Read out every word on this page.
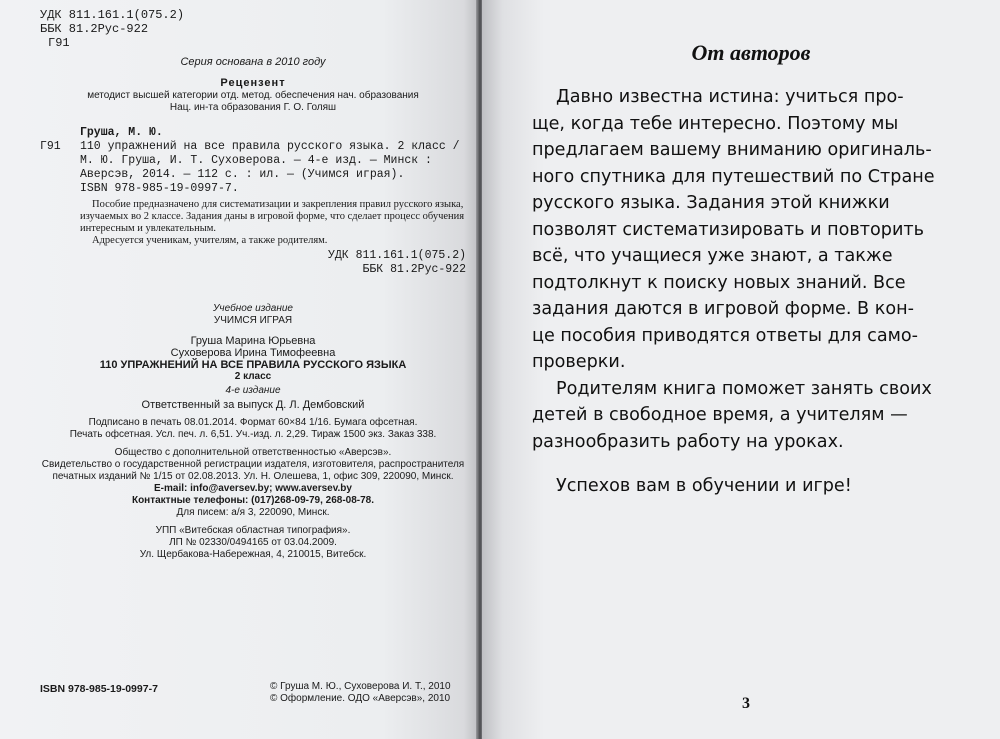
УДК 811.161.1(075.2)
ББК 81.2Рус-922
Г91
Серия основана в 2010 году
Рецензент
методист высшей категории отд. метод. обеспечения нач. образования
Нац. ин-та образования Г. О. Голяш
Груша, М. Ю.
Г91 110 упражнений на все правила русского языка. 2 класс /
М. Ю. Груша, И. Т. Суховерова. — 4-е изд. — Минск :
Аверсэв, 2014. — 112 с. : ил. — (Учимся играя).
ISBN 978-985-19-0997-7.
Пособие предназначено для систематизации и закрепления правил русского языка, изучаемых во 2 классе. Задания даны в игровой форме, что сделает процесс обучения интересным и увлекательным.
Адресуется ученикам, учителям, а также родителям.
УДК 811.161.1(075.2)
ББК 81.2Рус-922
Учебное издание
УЧИМСЯ ИГРАЯ
Груша Марина Юрьевна
Суховерова Ирина Тимофеевна
110 УПРАЖНЕНИЙ НА ВСЕ ПРАВИЛА РУССКОГО ЯЗЫКА
2 класс
4-е издание
Ответственный за выпуск Д. Л. Дембовский
Подписано в печать 08.01.2014. Формат 60×84 1/16. Бумага офсетная.
Печать офсетная. Усл. печ. л. 6,51. Уч.-изд. л. 2,29. Тираж 1500 экз. Заказ 338.
Общество с дополнительной ответственностью «Аверсэв».
Свидетельство о государственной регистрации издателя, изготовителя, распространителя
печатных изданий № 1/15 от 02.08.2013. Ул. Н. Олешева, 1, офис 309, 220090, Минск.
E-mail: info@aversev.by; www.aversev.by
Контактные телефоны: (017)268-09-79, 268-08-78.
Для писем: а/я 3, 220090, Минск.
УПП «Витебская областная типография».
ЛП № 02330/0494165 от 03.04.2009.
Ул. Щербакова-Набережная, 4, 210015, Витебск.
ISBN 978-985-19-0997-7	© Груша М. Ю., Суховерова И. Т., 2010
© Оформление. ОДО «Аверсэв», 2010
От авторов
Давно известна истина: учиться про-
ще, когда тебе интересно. Поэтому мы
предлагаем вашему вниманию оригиналь-
ного спутника для путешествий по Стране
русского языка. Задания этой книжки
позволят систематизировать и повторить
всё, что учащиеся уже знают, а также
подтолкнут к поиску новых знаний. Все
задания даются в игровой форме. В кон-
це пособия приводятся ответы для само-
проверки.
Родителям книга поможет занять своих
детей в свободное время, а учителям —
разнообразить работу на уроках.
Успехов вам в обучении и игре!
3
